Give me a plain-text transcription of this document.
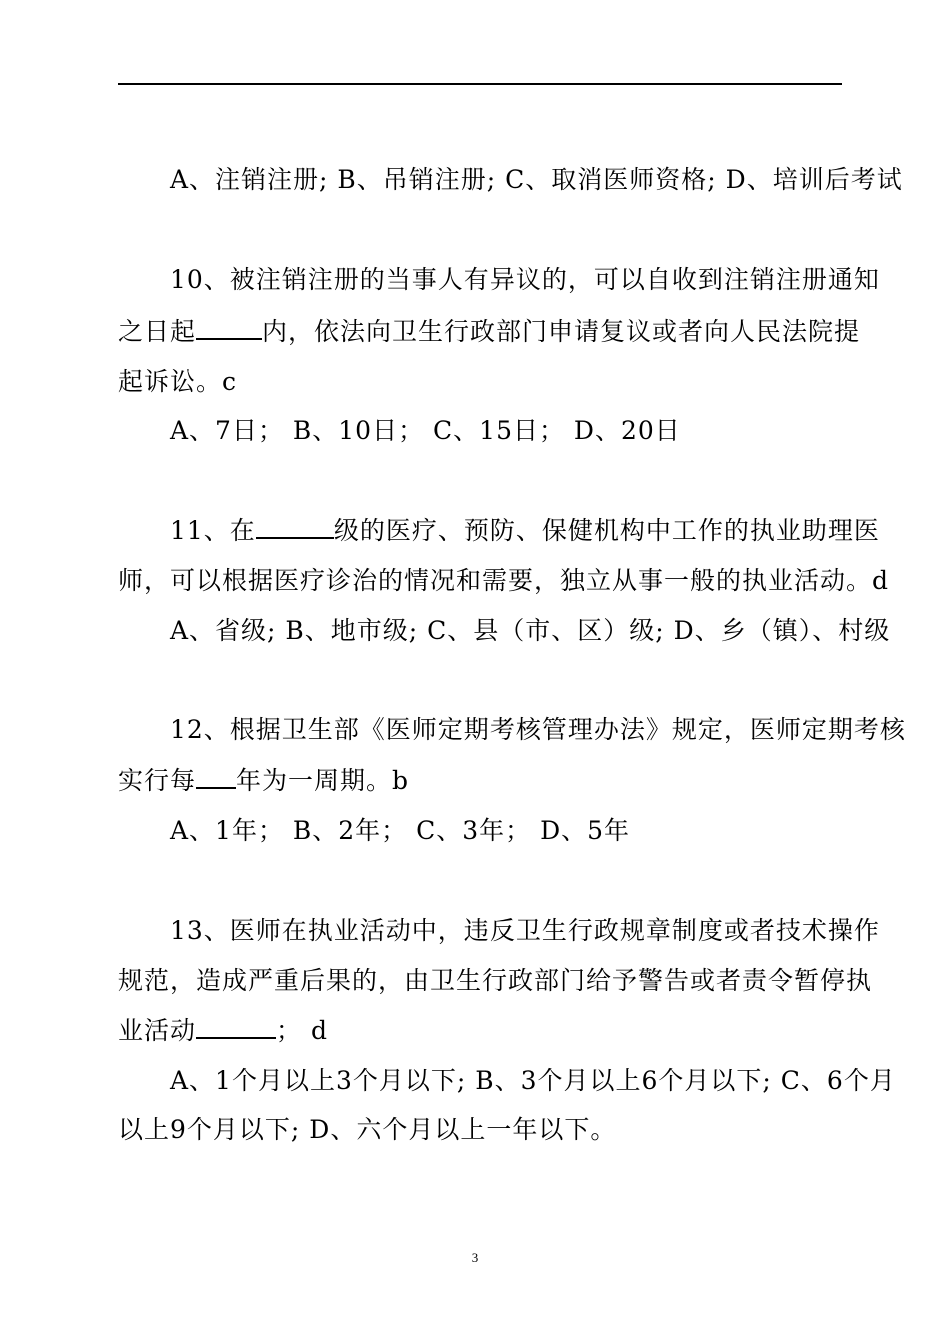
A、注销注册; B、吊销注册; C、取消医师资格; D、培训后考试
10、被注销注册的当事人有异议的，可以自收到注销注册通知
之日起	内，依法向卫生行政部门申请复议或者向人民法院提
起诉讼。c
A、7日； B、10日； C、15日； D、20日
11、在	级的医疗、预防、保健机构中工作的执业助理医
师，可以根据医疗诊治的情况和需要，独立从事一般的执业活动。d
A、省级; B、地市级; C、县（市、区）级; D、乡（镇）、村级
12、根据卫生部《医师定期考核管理办法》规定，医师定期考核
实行每 年为一周期。b
A、1年； B、2年； C、3年； D、5年
13、医师在执业活动中，违反卫生行政规章制度或者技术操作
规范，造成严重后果的，由卫生行政部门给予警告或者责令暂停执
业活动	； d
A、1个月以上3个月以下; B、3个月以上6个月以下; C、6个月
以上9个月以下; D、六个月以上一年以下。
3
